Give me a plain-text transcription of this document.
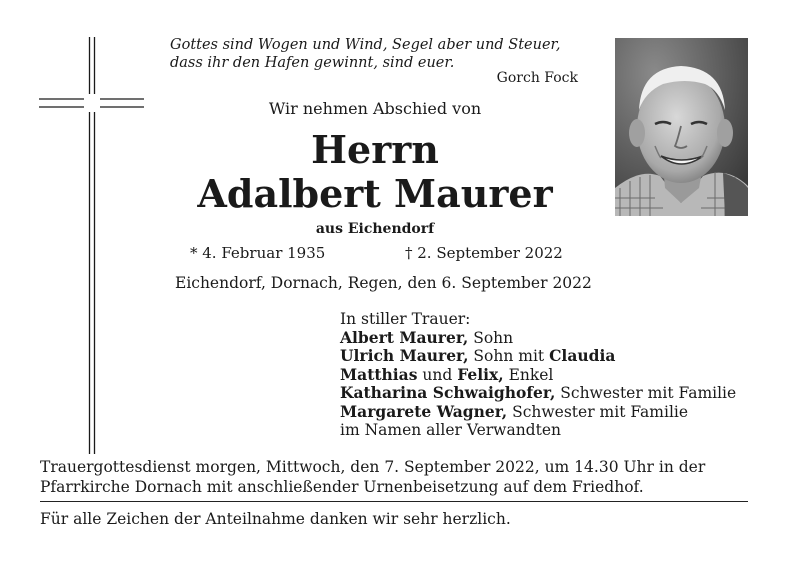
Gottes sind Wogen und Wind, Segel aber und Steuer,
dass ihr den Hafen gewinnt, sind euer.
Gorch Fock
Wir nehmen Abschied von
Herrn
Adalbert Maurer
aus Eichendorf
* 4. Februar 1935	† 2. September 2022
Eichendorf, Dornach, Regen, den 6. September 2022
In stiller Trauer:
Albert Maurer, Sohn
Ulrich Maurer, Sohn mit Claudia
Matthias und Felix, Enkel
Katharina Schwaighofer, Schwester mit Familie
Margarete Wagner, Schwester mit Familie
im Namen aller Verwandten
Trauergottesdienst morgen, Mittwoch, den 7. September 2022, um 14.30 Uhr in der
Pfarrkirche Dornach mit anschließender Urnenbeisetzung auf dem Friedhof.
Für alle Zeichen der Anteilnahme danken wir sehr herzlich.
